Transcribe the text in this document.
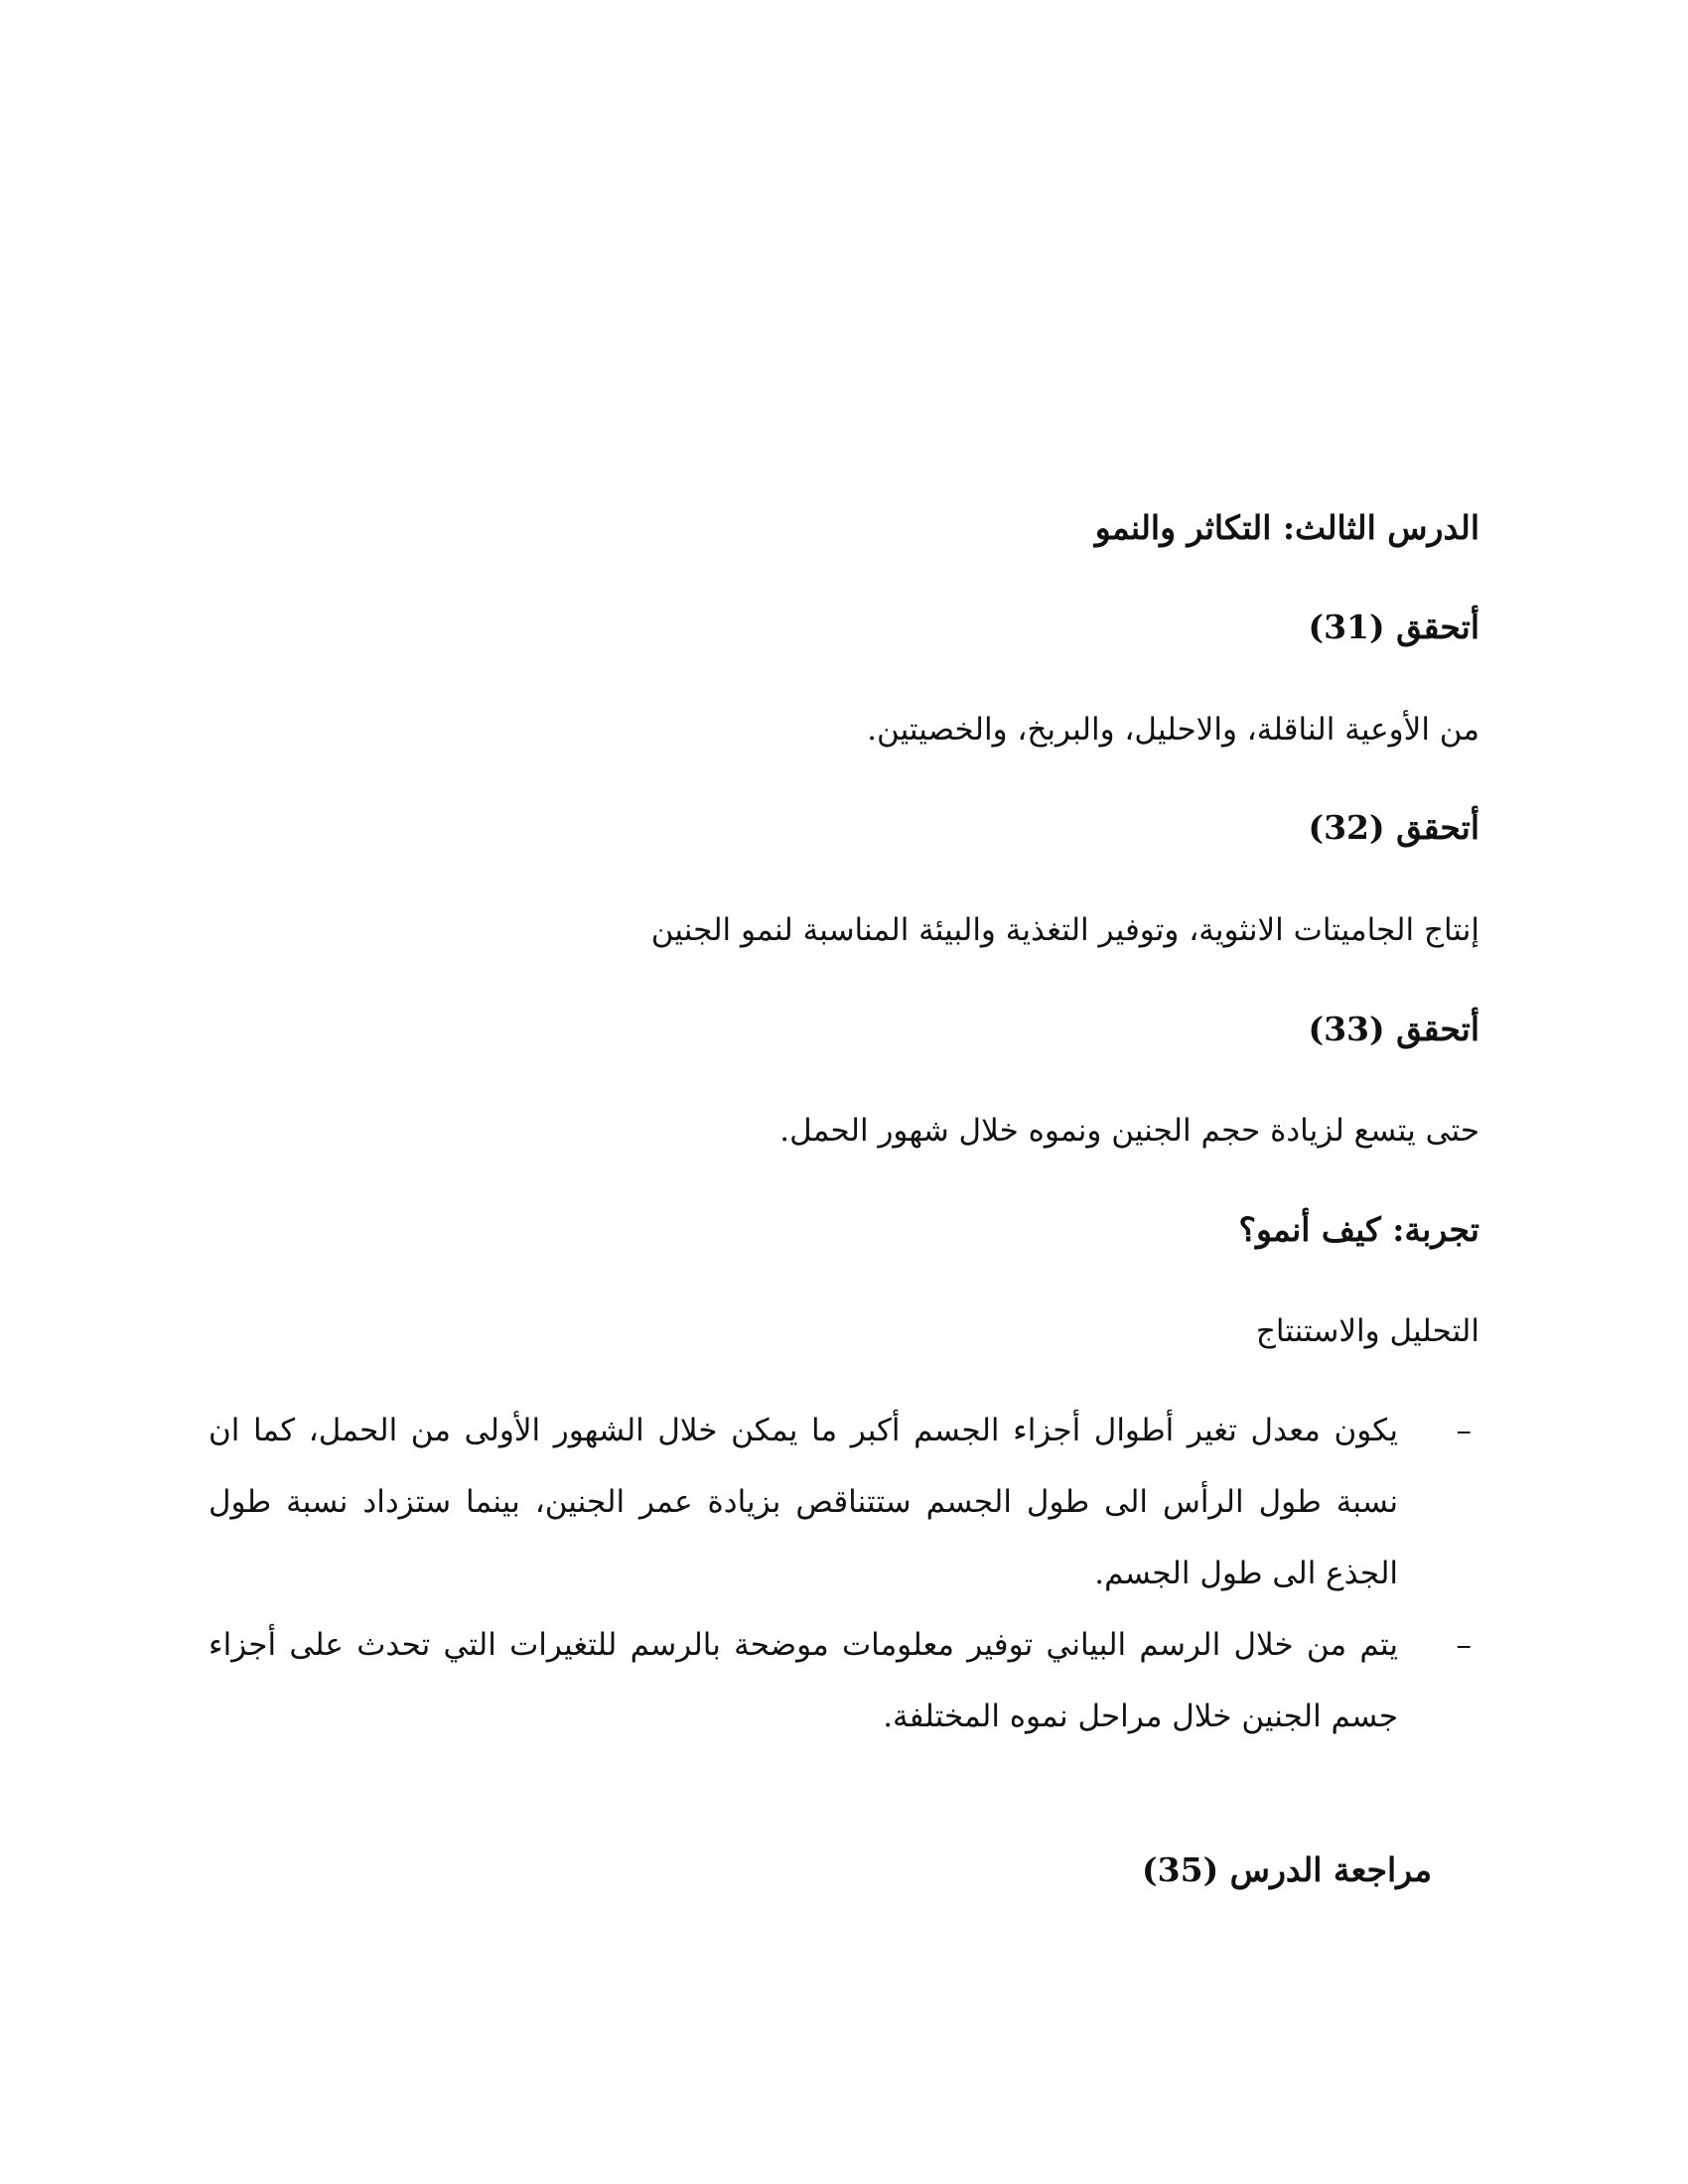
الدرس الثالث: التكاثر والنمو

أتحقق (31)

من الأوعية الناقلة، والاحليل، والبربخ، والخصيتين.

أتحقق (32)

إنتاج الجاميتات الانثوية، وتوفير التغذية والبيئة المناسبة لنمو الجنين

أتحقق (33)

حتى يتسع لزيادة حجم الجنين ونموه خلال شهور الحمل.

تجربة: كيف أنمو؟

التحليل والاستنتاج

–

يكون معدل تغير أطوال أجزاء الجسم أكبر ما يمكن خلال الشهور الأولى من الحمل، كما ان نسبة طول الرأس الى طول الجسم ستتناقص بزيادة عمر الجنين، بينما ستزداد نسبة طول الجذع الى طول الجسم.

–

يتم من خلال الرسم البياني توفير معلومات موضحة بالرسم للتغيرات التي تحدث على أجزاء جسم الجنين خلال مراحل نموه المختلفة.

مراجعة الدرس (35)
